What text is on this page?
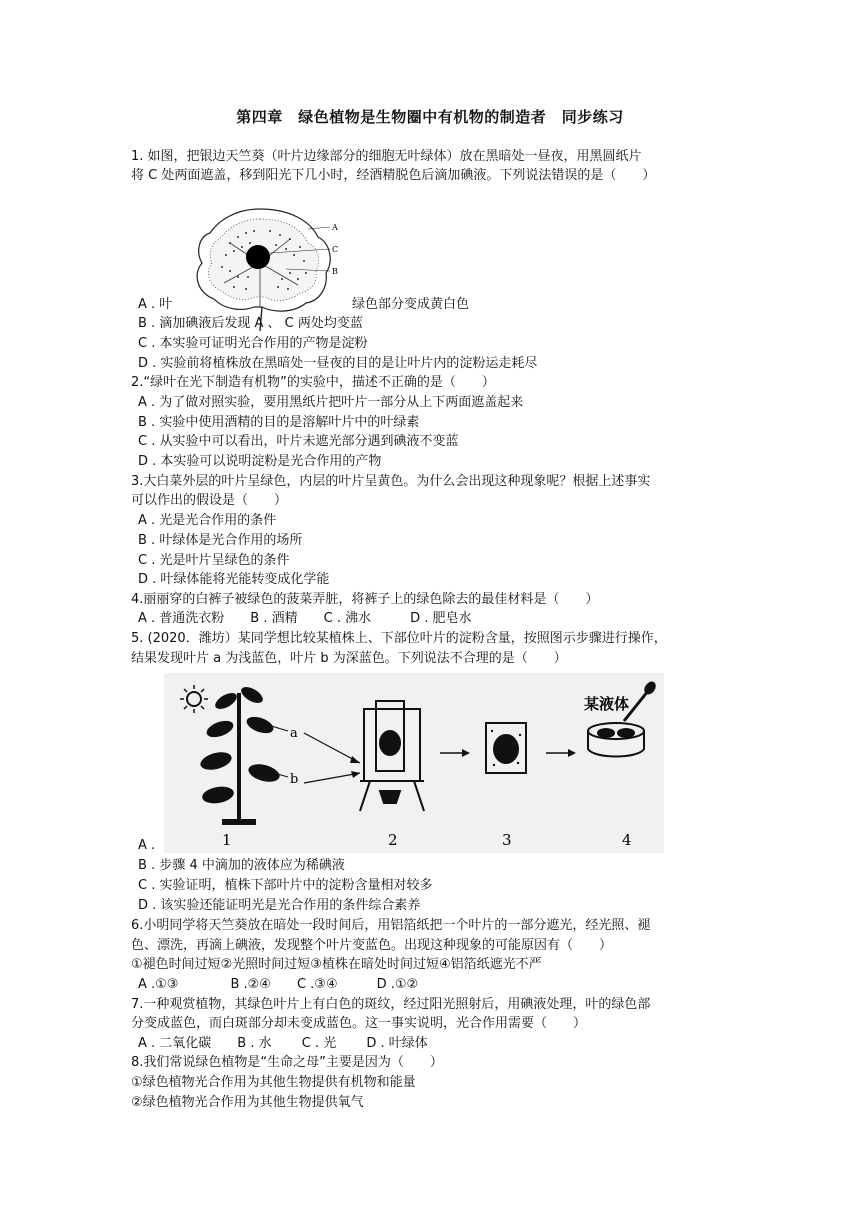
第四章　绿色植物是生物圈中有机物的制造者　同步练习
1. 如图，把银边天竺葵（叶片边缘部分的细胞无叶绿体）放在黑暗处一昼夜，用黑圆纸片
将 C 处两面遮盖，移到阳光下几小时，经酒精脱色后滴加碘液。下列说法错误的是（　　）
A
C
B
A . 叶	绿色部分变成黄白色
B . 滴加碘液后发现 A 、 C 两处均变蓝
C . 本实验可证明光合作用的产物是淀粉
D . 实验前将植株放在黑暗处一昼夜的目的是让叶片内的淀粉运走耗尽
2.“绿叶在光下制造有机物”的实验中，描述不正确的是（　　）
A . 为了做对照实验，要用黑纸片把叶片一部分从上下两面遮盖起来
B . 实验中使用酒精的目的是溶解叶片中的叶绿素
C . 从实验中可以看出，叶片未遮光部分遇到碘液不变蓝
D . 本实验可以说明淀粉是光合作用的产物
3.大白菜外层的叶片呈绿色，内层的叶片呈黄色。为什么会出现这种现象呢？根据上述事实
可以作出的假设是（　　）
A . 光是光合作用的条件
B . 叶绿体是光合作用的场所
C . 光是叶片呈绿色的条件
D . 叶绿体能将光能转变成化学能
4.丽丽穿的白裤子被绿色的菠菜弄脏，将裤子上的绿色除去的最佳材料是（　　）
A . 普通洗衣粉　　B . 酒精　　C . 沸水　　　D . 肥皂水
5. (2020．潍坊）某同学想比较某植株上、下部位叶片的淀粉含量，按照图示步骤进行操作，
结果发现叶片 a 为浅蓝色，叶片 b 为深蓝色。下列说法不合理的是（　　）
a
b
某液体
1	2	3	4
A .
B . 步骤 4 中滴加的液体应为稀碘液
C . 实验证明，植株下部叶片中的淀粉含量相对较多
D . 该实验还能证明光是光合作用的条件综合素养
6.小明同学将天竺葵放在暗处一段时间后，用铝箔纸把一个叶片的一部分遮光，经光照、褪
色、漂洗，再滴上碘液，发现整个叶片变蓝色。出现这种现象的可能原因有（　　）
①褪色时间过短②光照时间过短③植株在暗处时间过短④铝箔纸遮光不严
A .①③　　　　B .②④　　C .③④　　　D .①②
7.一种观赏植物，其绿色叶片上有白色的斑纹，经过阳光照射后，用碘液处理，叶的绿色部
分变成蓝色，而白斑部分却未变成蓝色。这一事实说明，光合作用需要（　　）
A . 二氧化碳　　B . 水　　 C . 光　　 D . 叶绿体
8.我们常说绿色植物是“生命之母”主要是因为（　　）
①绿色植物光合作用为其他生物提供有机物和能量
②绿色植物光合作用为其他生物提供氧气
